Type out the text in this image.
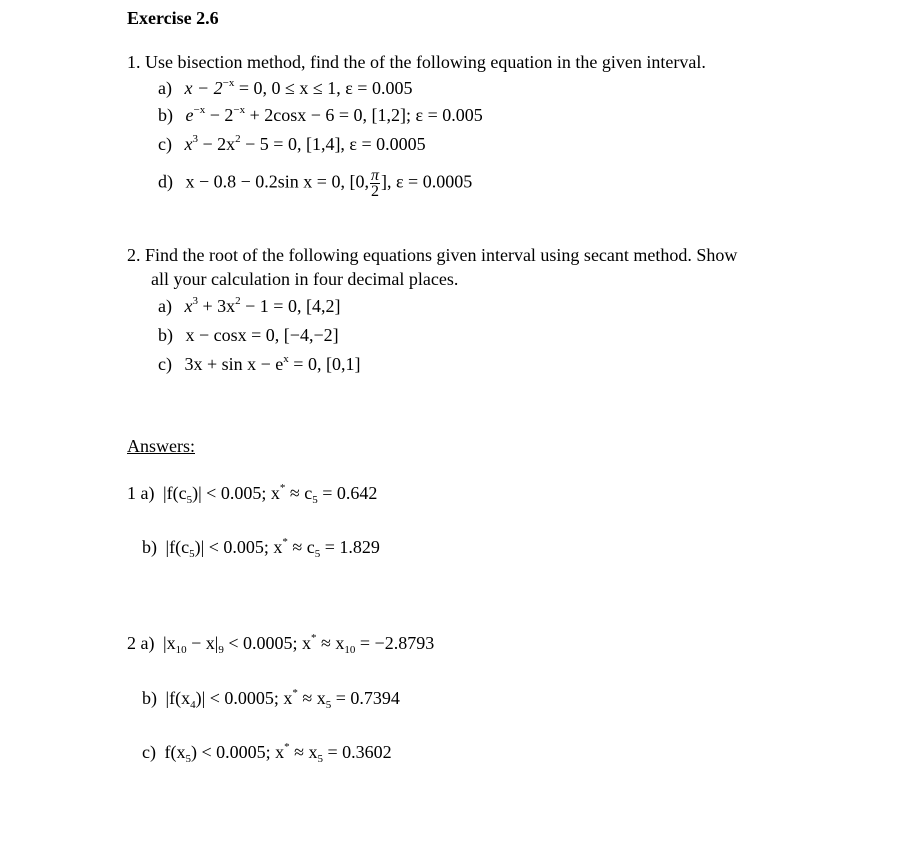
Exercise 2.6
1. Use bisection method, find the of the following equation in the given interval.
a) $x - 2^{-x} = 0$, 0 ≤ x ≤ 1, ε = 0.005
b) $e^{-x} - 2^{-x} + 2\cos x - 6 = 0$, [1,2]; ε = 0.005
c) $x^3 - 2x^2 - 5 = 0$, [1,4], ε = 0.0005
d) x − 0.8 − 0.2sin x = 0, [0, $\frac{\pi}{2}$ ], ε = 0.0005
2. Find the root of the following equations given interval using secant method. Show
all your calculation in four decimal places.
a) $x^3 + 3x^2 - 1 = 0$, [4,2]
b) x − cosx = 0, [−4,−2]
c) $3x + \sin x - e^x = 0$, [0,1]
Answers:
1 a) $|f(c_5)| < 0.005$; $x^* \approx c_5 = 0.642$
b) $|f(c_5)| < 0.005$; $x^* \approx c_5 = 1.829$
2 a) $|x_{10} - x|_9 < 0.0005$; $x^* \approx x_{10} = -2.8793$
b) $|f(x_4)| < 0.0005$; $x^* \approx x_5 = 0.7394$
c) $f(x_5) < 0.0005$; $x^* \approx x_5 = 0.3602$
